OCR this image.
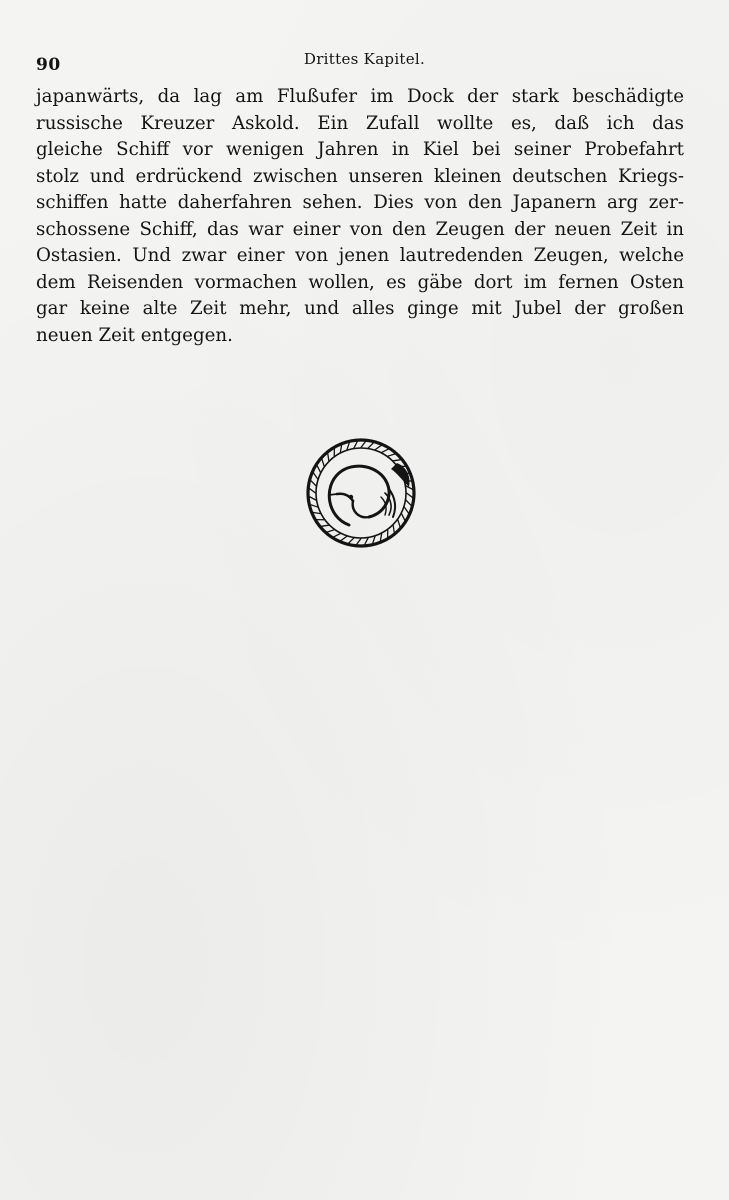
90	Drittes Kapitel.
japanwärts, da lag am Flußufer im Dock der stark beschädigte
russische Kreuzer Askold. Ein Zufall wollte es, daß ich das
gleiche Schiff vor wenigen Jahren in Kiel bei seiner Probefahrt
stolz und erdrückend zwischen unseren kleinen deutschen Kriegs-
schiffen hatte daherfahren sehen. Dies von den Japanern arg zer-
schossene Schiff, das war einer von den Zeugen der neuen Zeit in
Ostasien. Und zwar einer von jenen lautredenden Zeugen, welche
dem Reisenden vormachen wollen, es gäbe dort im fernen Osten
gar keine alte Zeit mehr, und alles ginge mit Jubel der großen
neuen Zeit entgegen.
